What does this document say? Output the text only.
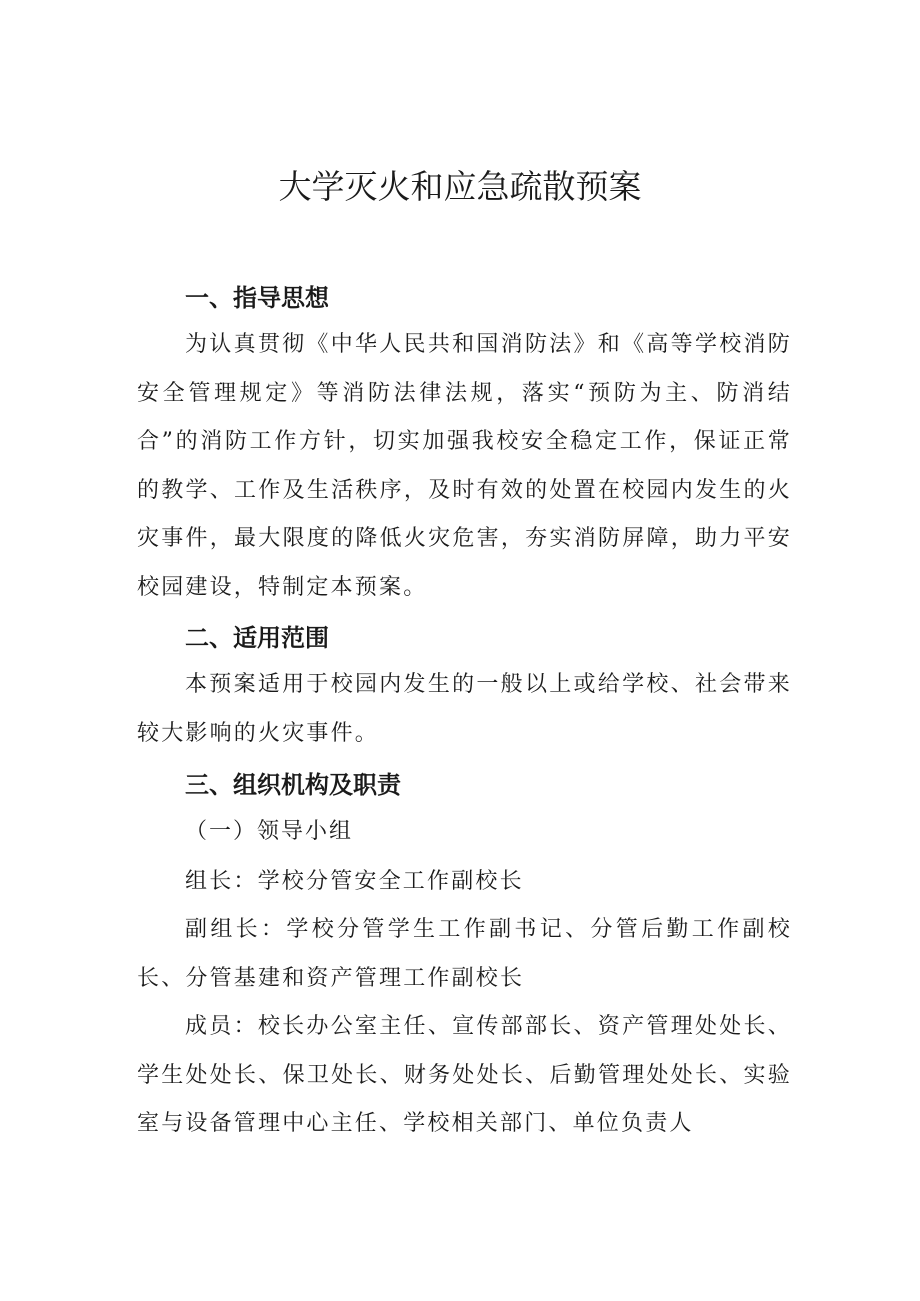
大学灭火和应急疏散预案
一、指导思想

为认真贯彻《中华人民共和国消防法》和《高等学校消防安全管理规定》等消防法律法规，落实“预防为主、防消结合”的消防工作方针，切实加强我校安全稳定工作，保证正常的教学、工作及生活秩序，及时有效的处置在校园内发生的火灾事件，最大限度的降低火灾危害，夯实消防屏障，助力平安校园建设，特制定本预案。

二、适用范围

本预案适用于校园内发生的一般以上或给学校、社会带来较大影响的火灾事件。

三、组织机构及职责

（一）领导小组

组长：学校分管安全工作副校长

副组长：学校分管学生工作副书记、分管后勤工作副校长、分管基建和资产管理工作副校长

成员：校长办公室主任、宣传部部长、资产管理处处长、学生处处长、保卫处长、财务处处长、后勤管理处处长、实验室与设备管理中心主任、学校相关部门、单位负责人
